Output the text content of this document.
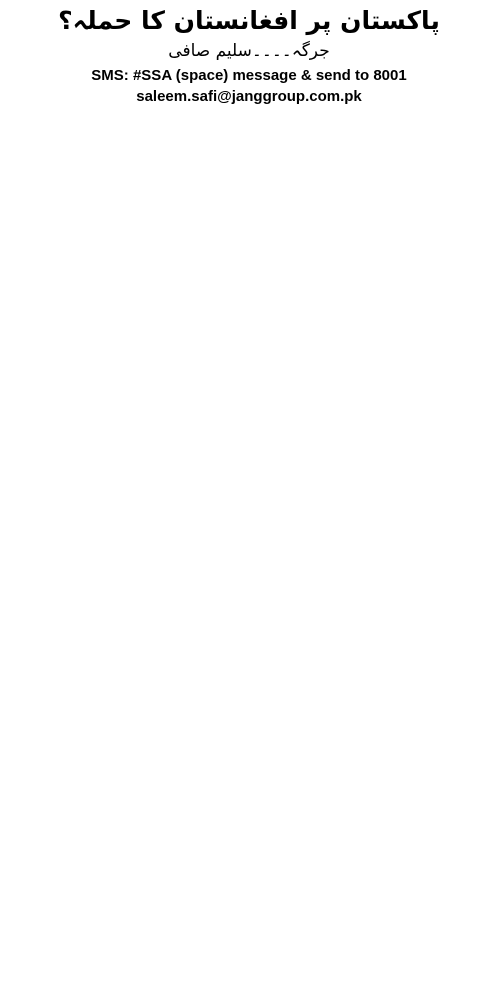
پاکستان پر افغانستان کا حملہ؟
جرگہ۔۔۔۔سلیم صافی
SMS: #SSA (space) message & send to 8001
saleem.safi@janggroup.com.pk
